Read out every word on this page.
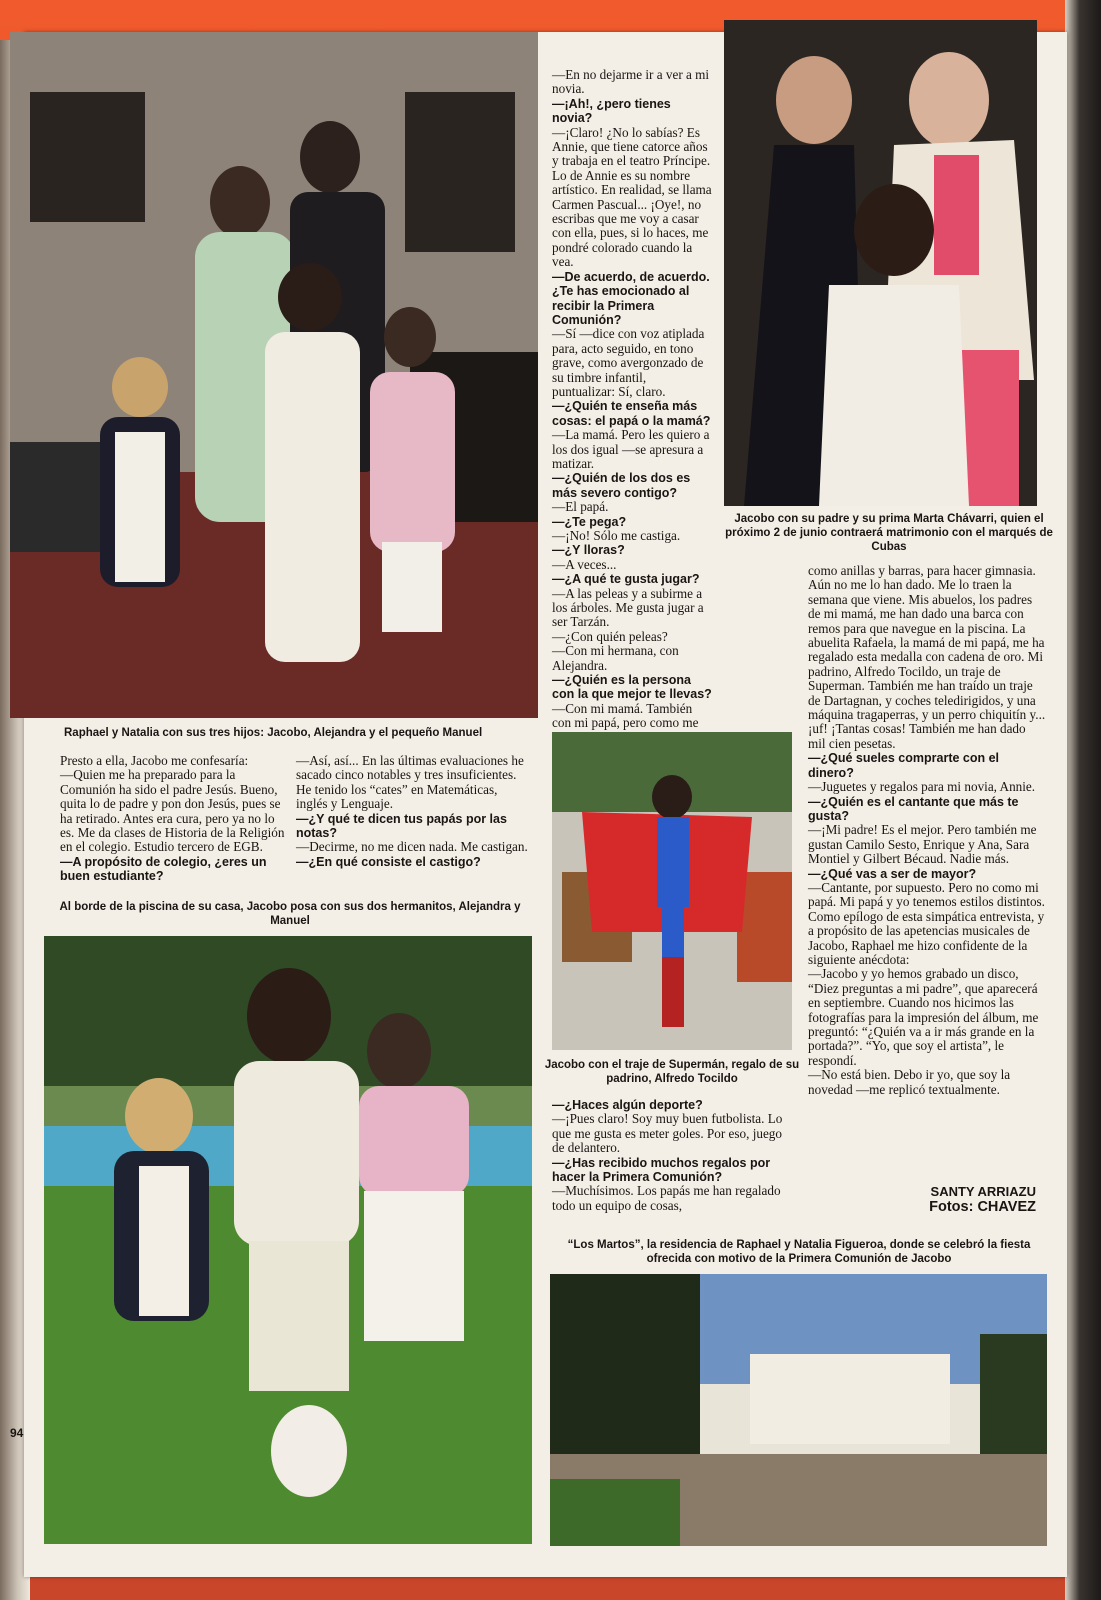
Raphael y Natalia con sus tres hijos: Jacobo, Alejandra y el pequeño Manuel
Jacobo con su padre y su prima Marta Chávarri, quien el próximo 2 de junio contraerá matrimonio con el marqués de Cubas

—En no dejarme ir a ver a mi novia.

—¡Ah!, ¿pero tienes novia?

—¡Claro! ¿No lo sabías? Es Annie, que tiene catorce años y trabaja en el teatro Príncipe. Lo de Annie es su nombre artístico. En realidad, se llama Carmen Pascual... ¡Oye!, no escribas que me voy a casar con ella, pues, si lo haces, me pondré colorado cuando la vea.

—De acuerdo, de acuerdo. ¿Te has emocionado al recibir la Primera Comunión?

—Sí —dice con voz atiplada para, acto seguido, en tono grave, como avergonzado de su timbre infantil, puntualizar: Sí, claro.

—¿Quién te enseña más cosas: el papá o la mamá?

—La mamá. Pero les quiero a los dos igual —se apresura a matizar.

—¿Quién de los dos es más severo contigo?

—El papá.

—¿Te pega?

—¡No! Sólo me castiga.

—¿Y lloras?

—A veces...

—¿A qué te gusta jugar?

—A las peleas y a subirme a los árboles. Me gusta jugar a ser Tarzán.

—¿Con quién peleas?

—Con mi hermana, con Alejandra.

—¿Quién es la persona con la que mejor te llevas?

—Con mi mamá. También con mi papá, pero como me

Presto a ella, Jacobo me confesaría:

—Quien me ha preparado para la Comunión ha sido el padre Jesús. Bueno, quita lo de padre y pon don Jesús, pues se ha retirado. Antes era cura, pero ya no lo es. Me da clases de Historia de la Religión en el colegio. Estudio tercero de EGB.

—A propósito de colegio, ¿eres un buen estudiante?

—Así, así... En las últimas evaluaciones he sacado cinco notables y tres insuficientes. He tenido los “cates” en Matemáticas, inglés y Lenguaje.

—¿Y qué te dicen tus papás por las notas?

—Decirme, no me dicen nada. Me castigan.

—¿En qué consiste el castigo?

como anillas y barras, para hacer gimnasia. Aún no me lo han dado. Me lo traen la semana que viene. Mis abuelos, los padres de mi mamá, me han dado una barca con remos para que navegue en la piscina. La abuelita Rafaela, la mamá de mi papá, me ha regalado esta medalla con cadena de oro. Mi padrino, Alfredo Tocildo, un traje de Superman. También me han traído un traje de Dartagnan, y coches teledirigidos, y una máquina tragaperras, y un perro chiquitín y... ¡uf! ¡Tantas cosas! También me han dado mil cien pesetas.

—¿Qué sueles comprarte con el dinero?

—Juguetes y regalos para mi novia, Annie.

—¿Quién es el cantante que más te gusta?

—¡Mi padre! Es el mejor. Pero también me gustan Camilo Sesto, Enrique y Ana, Sara Montiel y Gilbert Bécaud. Nadie más.

—¿Qué vas a ser de mayor?

—Cantante, por supuesto. Pero no como mi papá. Mi papá y yo tenemos estilos distintos.

Como epílogo de esta simpática entrevista, y a propósito de las apetencias musicales de Jacobo, Raphael me hizo confidente de la siguiente anécdota:

—Jacobo y yo hemos grabado un disco, “Diez preguntas a mi padre”, que aparecerá en septiembre. Cuando nos hicimos las fotografías para la impresión del álbum, me preguntó: “¿Quién va a ir más grande en la portada?”. “Yo, que soy el artista”, le respondí.

—No está bien. Debo ir yo, que soy la novedad —me replicó textualmente.

Jacobo con el traje de Supermán, regalo de su padrino, Alfredo Tocildo

—¿Haces algún deporte?

—¡Pues claro! Soy muy buen futbolista. Lo que me gusta es meter goles. Por eso, juego de delantero.

—¿Has recibido muchos regalos por hacer la Primera Comunión?

—Muchísimos. Los papás me han regalado todo un equipo de cosas,

SANTY ARRIAZU
Fotos: CHAVEZ
Al borde de la piscina de su casa, Jacobo posa con sus dos hermanitos, Alejandra y Manuel
“Los Martos”, la residencia de Raphael y Natalia Figueroa, donde se celebró la fiesta ofrecida con motivo de la Primera Comunión de Jacobo
94
